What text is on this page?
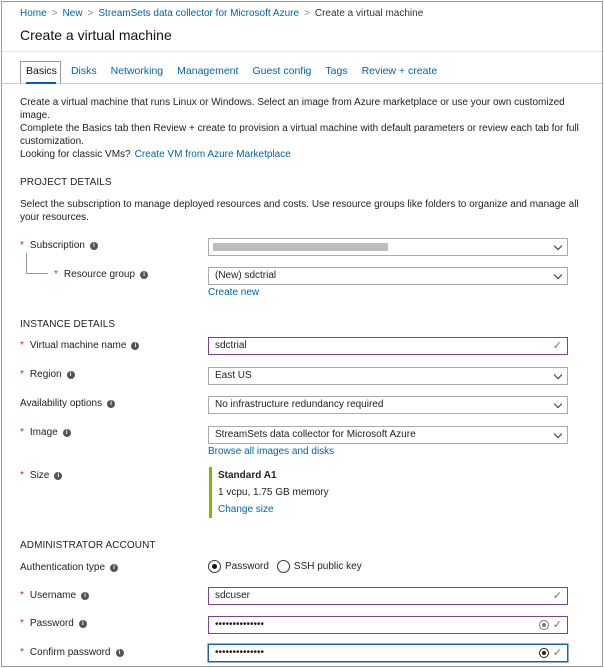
Home > New > StreamSets data collector for Microsoft Azure > Create a virtual machine
Create a virtual machine
Basics Disks Networking Management Guest config Tags Review + create
Create a virtual machine that runs Linux or Windows. Select an image from Azure marketplace or use your own customized image.
Complete the Basics tab then Review + create to provision a virtual machine with default parameters or review each tab for full customization.
Looking for classic VMs? Create VM from Azure Marketplace
PROJECT DETAILS
Select the subscription to manage deployed resources and costs. Use resource groups like folders to organize and manage all your resources.
* Subscription	i
* Resource group	i	(New) sdctrial
Create new
INSTANCE DETAILS
* Virtual machine name	i	sdctrial	✓
* Region	i	East US
Availability options	i	No infrastructure redundancy required
* Image	i	StreamSets data collector for Microsoft Azure
Browse all images and disks
* Size	i	Standard A1
1 vcpu, 1.75 GB memory
Change size
ADMINISTRATOR ACCOUNT
Authentication type	i	Password	SSH public key
* Username	i	sdcuser	✓
* Password	i	••••••••••••••	✓
* Confirm password	i	••••••••••••••	✓
